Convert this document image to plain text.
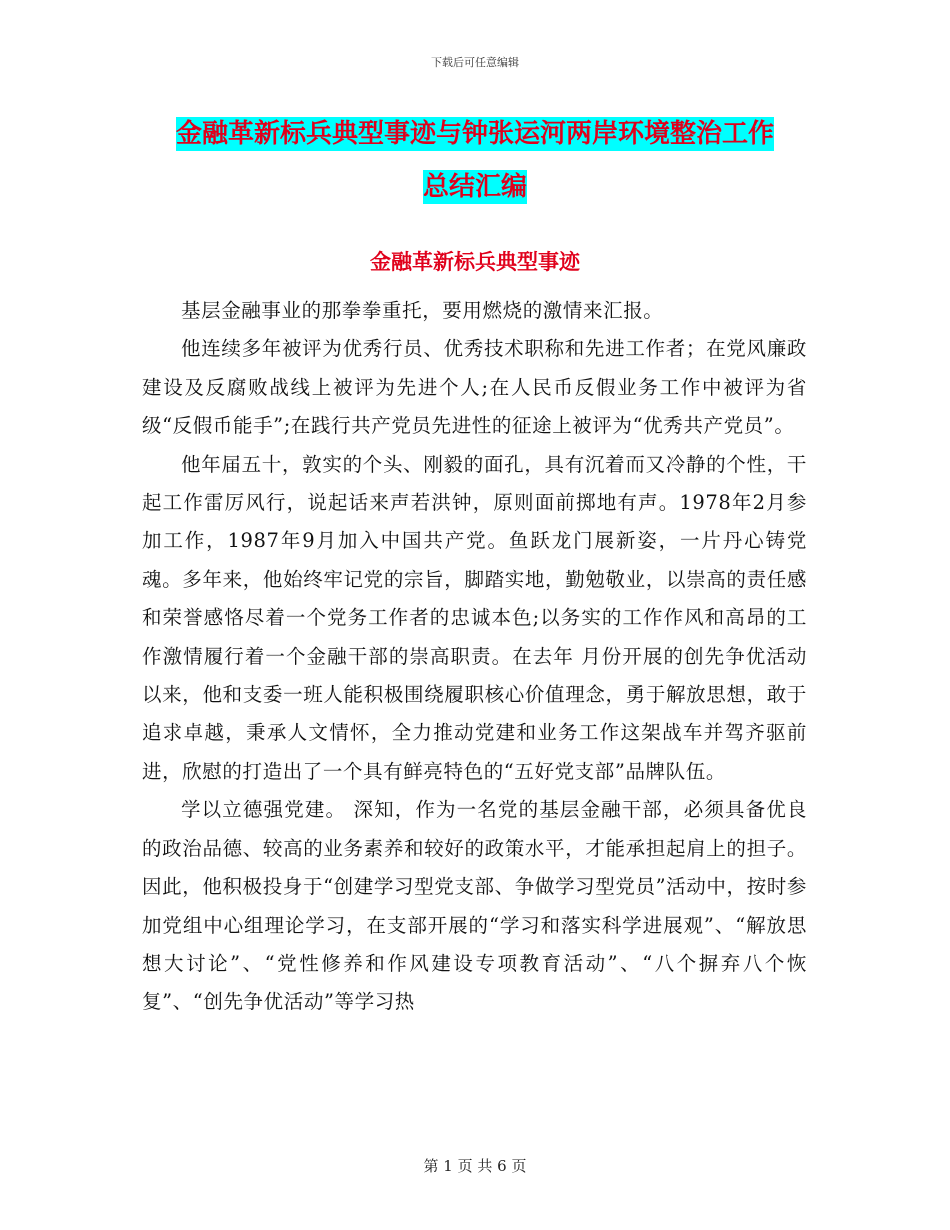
下载后可任意编辑
金融革新标兵典型事迹与钟张运河两岸环境整治工作
总结汇编
金融革新标兵典型事迹

基层金融事业的那拳拳重托，要用燃烧的激情来汇报。

他连续多年被评为优秀行员、优秀技术职称和先进工作者；在党风廉政建设及反腐败战线上被评为先进个人;在人民币反假业务工作中被评为省级“反假币能手”;在践行共产党员先进性的征途上被评为“优秀共产党员”。

他年届五十，敦实的个头、刚毅的面孔，具有沉着而又冷静的个性，干起工作雷厉风行，说起话来声若洪钟，原则面前掷地有声。1978年2月参加工作，1987年9月加入中国共产党。鱼跃龙门展新姿，一片丹心铸党魂。多年来，他始终牢记党的宗旨，脚踏实地，勤勉敬业，以崇高的责任感和荣誉感恪尽着一个党务工作者的忠诚本色;以务实的工作作风和高昂的工作激情履行着一个金融干部的崇高职责。在去年 月份开展的创先争优活动以来，他和支委一班人能积极围绕履职核心价值理念，勇于解放思想，敢于追求卓越，秉承人文情怀，全力推动党建和业务工作这架战车并驾齐驱前进，欣慰的打造出了一个具有鲜亮特色的“五好党支部”品牌队伍。

学以立德强党建。 深知，作为一名党的基层金融干部，必须具备优良的政治品德、较高的业务素养和较好的政策水平，才能承担起肩上的担子。因此，他积极投身于“创建学习型党支部、争做学习型党员”活动中，按时参加党组中心组理论学习，在支部开展的“学习和落实科学进展观”、“解放思想大讨论”、“党性修养和作风建设专项教育活动”、“八个摒弃八个恢复”、“创先争优活动”等学习热

第 1 页 共 6 页
